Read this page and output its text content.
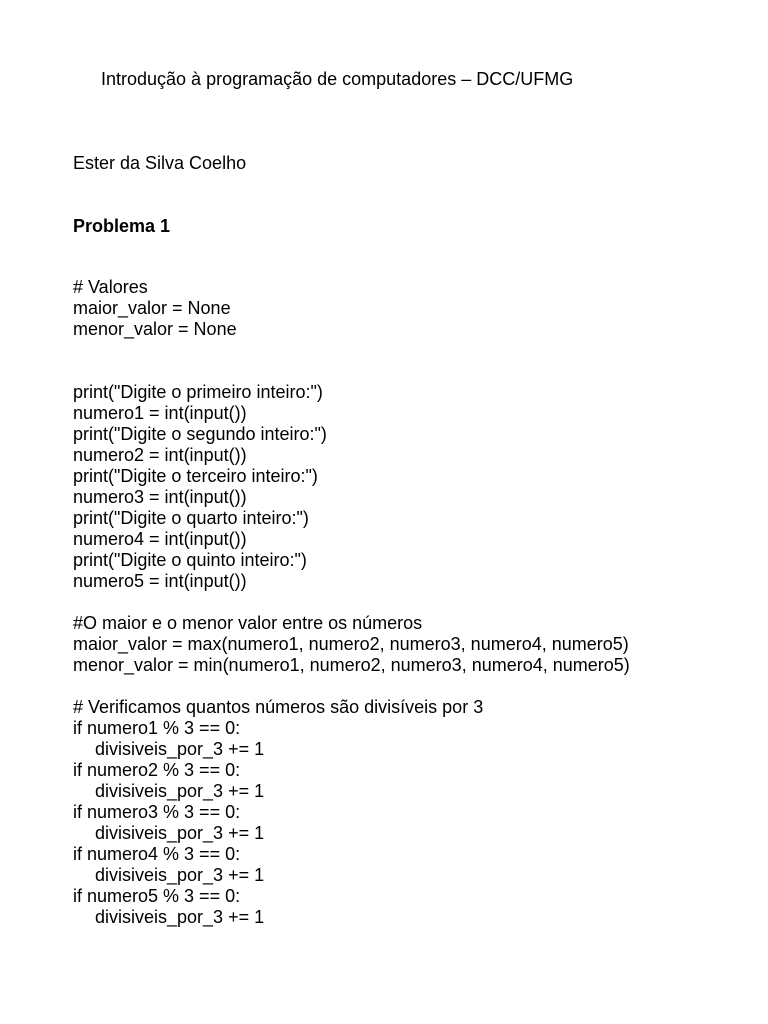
Introdução à programação de computadores – DCC/UFMG
Ester da Silva Coelho
Problema 1
# Valores
maior_valor = None
menor_valor = None
print("Digite o primeiro inteiro:")
numero1 = int(input())
print("Digite o segundo inteiro:")
numero2 = int(input())
print("Digite o terceiro inteiro:")
numero3 = int(input())
print("Digite o quarto inteiro:")
numero4 = int(input())
print("Digite o quinto inteiro:")
numero5 = int(input())
#O maior e o menor valor entre os números
maior_valor = max(numero1, numero2, numero3, numero4, numero5)
menor_valor = min(numero1, numero2, numero3, numero4, numero5)
# Verificamos quantos números são divisíveis por 3
if numero1 % 3 == 0:
divisiveis_por_3 += 1
if numero2 % 3 == 0:
divisiveis_por_3 += 1
if numero3 % 3 == 0:
divisiveis_por_3 += 1
if numero4 % 3 == 0:
divisiveis_por_3 += 1
if numero5 % 3 == 0:
divisiveis_por_3 += 1
